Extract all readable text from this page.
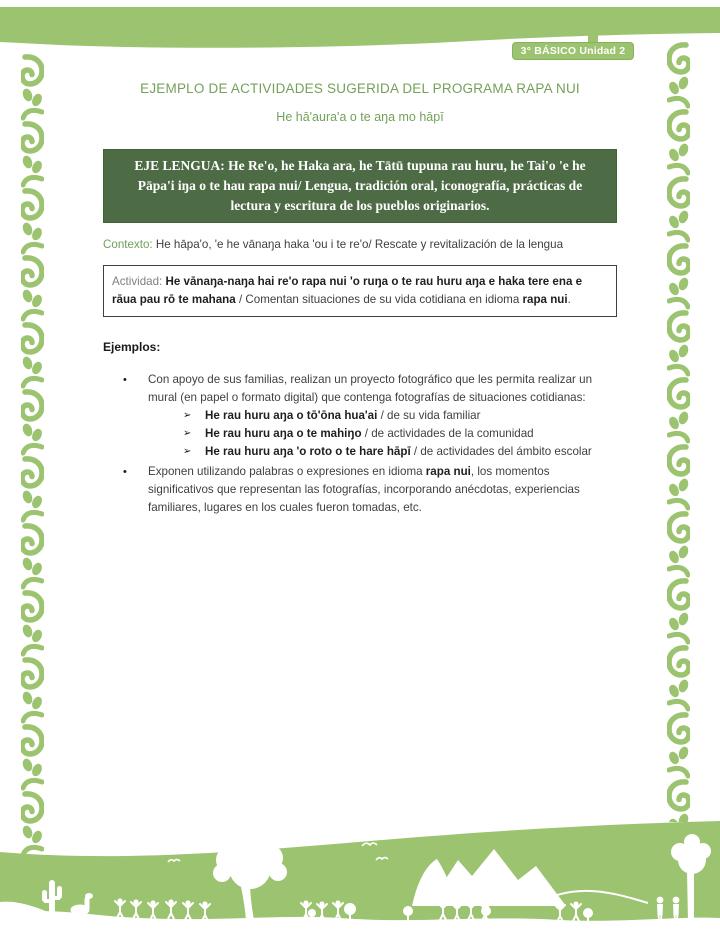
3° BÁSICO Unidad 2
EJEMPLO DE ACTIVIDADES SUGERIDA DEL PROGRAMA RAPA NUI
He hā'aura'a o te aŋa mo hāpī
EJE LENGUA: He Re'o, he Haka ara, he Tātū tupuna rau huru, he Tai'o 'e he Pāpa'i iŋa o te hau rapa nui/ Lengua, tradición oral, iconografía, prácticas de lectura y escritura de los pueblos originarios.
Contexto: He hāpa'o, 'e he vānaŋa haka 'ou i te re'o/ Rescate y revitalización de la lengua
Actividad: He vānaŋa-naŋa hai re'o rapa nui 'o ruŋa o te rau huru aŋa e haka tere ena e rāua pau rō te mahana / Comentan situaciones de su vida cotidiana en idioma rapa nui.
Ejemplos:
• Con apoyo de sus familias, realizan un proyecto fotográfico que les permita realizar un mural (en papel o formato digital) que contenga fotografías de situaciones cotidianas:
➢ He rau huru aŋa o tō'ōna hua'ai / de su vida familiar
➢ He rau huru aŋa o te mahiŋo / de actividades de la comunidad
➢ He rau huru aŋa 'o roto o te hare hāpī / de actividades del ámbito escolar
• Exponen utilizando palabras o expresiones en idioma rapa nui, los momentos significativos que representan las fotografías, incorporando anécdotas, experiencias familiares, lugares en los cuales fueron tomadas, etc.
